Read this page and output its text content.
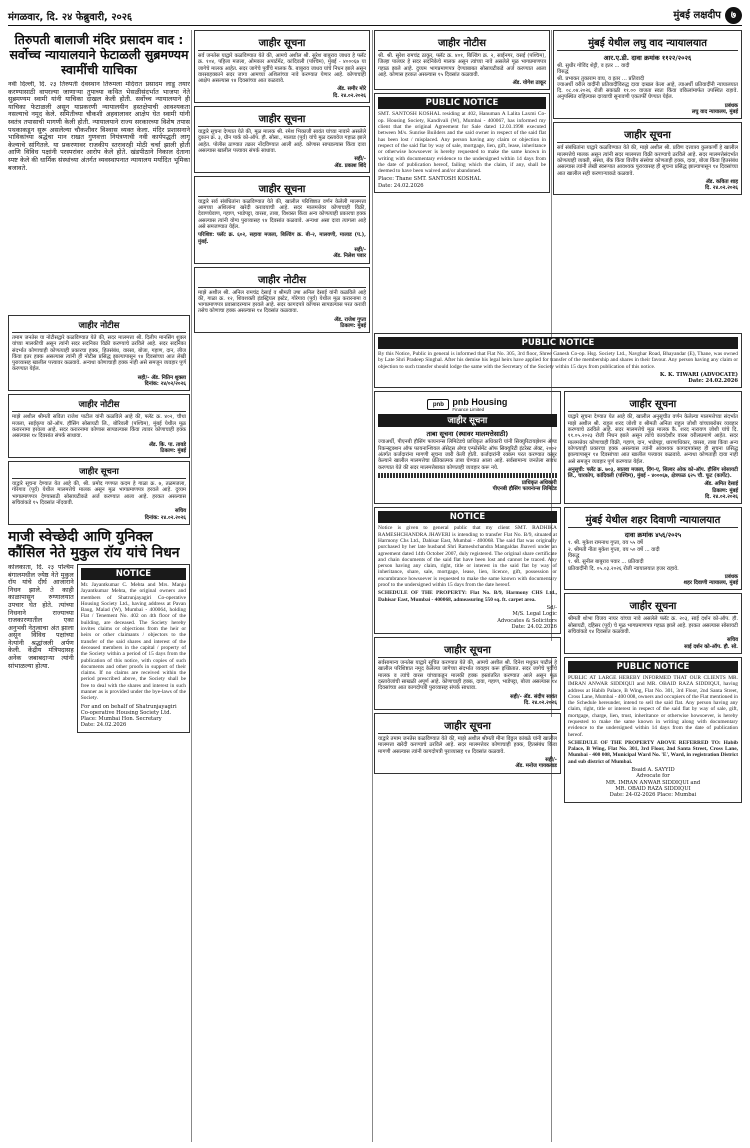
मंगळवार, दि. २४ फेब्रुवारी, २०२६	मुंबई लक्षदीप ७
तिरुपती बालाजी मंदिर प्रसादम वाद : सर्वोच्च न्यायालयाने फेटाळली सुब्रमण्यम स्वामींची याचिका
नवी दिल्ली, दि. २३ तिरुपती देवस्थान तिरुमला मंदिरात प्रसादम लाडू तयार करण्यासाठी वापरल्या जाणाऱ्या तुपाच्या कथित भेसळीसंदर्भात भाजपा नेते सुब्रमण्यम स्वामी यांनी याचिका दाखल केली होती. सर्वोच्च न्यायालयाने ही याचिका फेटाळली असून याप्रकरणी न्यायालयीन हस्तक्षेपाची आवश्यकता नसल्याचे नमूद केले. समितीच्या चौकशी अहवालावर आक्षेप घेत स्वामी यांनी स्वतंत्र तपासाची मागणी केली होती. न्यायालयाने राज्य सरकारच्या विशेष तपास पथकाकडून सुरू असलेल्या चौकशीवर विश्वास व्यक्त केला. मंदिर प्रशासनाने भाविकांच्या श्रद्धेचा मान राखत गुणवत्ता नियंत्रणाची नवी कार्यपद्धती लागू केल्याचे सांगितले. या प्रकरणावर राजकीय स्तरावरही मोठी चर्चा झाली होती आणि विविध पक्षांनी परस्परांवर आरोप केले होते. खंडपीठाने निकाल देताना स्पष्ट केले की धार्मिक संस्थांच्या अंतर्गत व्यवस्थापनात न्यायालय मर्यादित भूमिका बजावते.
जाहीर नोटीस
तमाम जनतेस या नोटीसद्वारे कळविण्यात येते की, सदर मालमत्ता श्री. दिलीप मानसिंग शुक्ल यांच्या मालकीची असून त्यांनी सदर सदनिका विक्री करण्याचे ठरविले आहे. सदर सदनिका संदर्भात कोणाचाही कोणत्याही प्रकारचा हक्क, हितसंबंध, वारसा, बोजा, गहाण, दान, लीज किंवा इतर हक्क असल्यास त्यांनी ही नोटीस प्रसिद्ध झाल्यापासून १४ दिवसांच्या आत लेखी पुराव्यासह खालील पत्त्यावर कळवावे. अन्यथा कोणाचाही हक्क नाही असे समजून व्यवहार पूर्ण करण्यात येईल.
सही/- ॲड. नितिन शुक्ला
दिनांक: २४/०२/२०२६
जाहीर नोटीस
माझे अशील श्रीमती सविता राजेश पाटील यांनी कळविले आहे की, फ्लॅट क्र. ४०२, चौथा मजला, साईकृपा को-ऑप. हौसिंग सोसायटी लि., बोरिवली (पश्चिम), मुंबई येथील मूळ करारनामा हरवला आहे. सदर करारनामा कोणास सापडल्यास किंवा त्यावर कोणाचाही हक्क असल्यास १४ दिवसांत संपर्क साधावा.
ॲड. कि. पा. तावडे
ठिकाण: मुंबई
जाहीर सूचना
याद्वारे सूचना देण्यात येत आहे की, श्री. प्रमोद गणपत कदम हे गाळा क्र. ७, तळमजला, गोरेगाव (पूर्व) येथील मालमत्तेचे मालक असून मूळ भागप्रमाणपत्र हरवले आहे. दुय्यम भागप्रमाणपत्र देण्यासाठी सोसायटीकडे अर्ज करण्यात आला आहे. हरकत असल्यास सचिवांकडे १५ दिवसांत नोंदवावी.
सचिव
दिनांक: २४.०२.२०२६
माजी स्वेच्छेदी आणि युनिक्ल कौंसिल नेते मुकुल रॉय यांचे निधन
कोलकाता, दि. २३ पश्चिम बंगालमधील ज्येष्ठ नेते मुकुल रॉय यांचे दीर्घ आजाराने निधन झाले. ते काही काळापासून रुग्णालयात उपचार घेत होते. त्यांच्या निधनाने राज्याच्या राजकारणातील एका अनुभवी नेतृत्वाचा अंत झाला असून विविध पक्षांच्या नेत्यांनी श्रद्धांजली अर्पण केली. केंद्रीय मंत्रिपदासह अनेक जबाबदाऱ्या त्यांनी सांभाळल्या होत्या.
NOTICE
Mr. Jayantkumar C. Mehta and Mrs. Manju Jayantkumar Mehta, the original owners and members of Shatrunjayagiri Co-operative Housing Society Ltd., having address at Pavan Baug, Malad (W), Mumbai - 400064, holding Flat / Tenement No. 402 on 4th floor of the building, are deceased. The Society hereby invites claims or objections from the heir or heirs or other claimants / objectors to the transfer of the said shares and interest of the deceased members in the capital / property of the Society within a period of 15 days from the publication of this notice, with copies of such documents and other proofs in support of their claims. If no claims are received within the period prescribed above, the Society shall be free to deal with the shares and interest in such manner as is provided under the bye-laws of the Society.
For and on behalf of Shatrunjayagiri Co-operative Housing Society Ltd.
Place: Mumbai Hon. Secretary
Date: 24.02.2026
जाहीर सूचना
सर्व जनतेस याद्वारे कळविण्यात येते की, आमचे अशील श्री. सुरेश बाबुराव जाधव हे फ्लॅट क्र. १०४, पहिला मजला, ओमकार अपार्टमेंट, कांदिवली (पश्चिम), मुंबई - ४०००६७ या जागेचे मालक आहेत. सदर जागेचे पूर्वीचे मालक कै. बाबुराव जाधव यांचे निधन झाले असून वारसाहक्काने सदर जागा आमच्या अशिलांच्या नावे करण्यात येणार आहे. कोणाचाही आक्षेप असल्यास १४ दिवसांच्या आत कळवावे.
ॲड. समीर मोरे
दि. २४.०२.२०२६
जाहीर सूचना
याद्वारे सूचना देण्यात येते की, मूळ मालक श्री. रमेश भिकाजी सावंत यांच्या नावाने असलेले दुकान क्र. ३, ग्रीन पार्क को-ऑप. हौ. सोसा., मालाड (पूर्व) यांचे मूळ दस्तावेज गहाळ झाले आहेत. पोलीस ठाण्यात तक्रार नोंदविण्यात आली आहे. कोणास सापडल्यास किंवा दावा असल्यास खालील पत्त्यावर संपर्क साधावा.
सही/-
ॲड. प्रकाश शिंदे
जाहीर सूचना
याद्वारे सर्व संबंधितांना कळविण्यात येते की, खालील परिशिष्टात वर्णन केलेली मालमत्ता आमच्या अशिलांना खरेदी करावयाची आहे. सदर मालमत्तेवर कोणाचाही विक्री, देवाणघेवाण, गहाण, भाडेपट्टा, वारसा, ताबा, विश्वस्त किंवा अन्य कोणत्याही प्रकारचा हक्क असल्यास त्यांनी योग्य पुराव्यासह १४ दिवसांत कळवावे. अन्यथा असा दावा त्यागला आहे असे समजण्यात येईल.
परिशिष्ट: फ्लॅट क्र. ६०२, सहावा मजला, बिल्डिंग क्र. बी-२, मालवणी, मालाड (प.), मुंबई.
सही/-
ॲड. निलेश पवार
जाहीर नोटीस
माझे अशील श्री. अनिल रामचंद्र देसाई व श्रीमती उषा अनिल देसाई यांनी कळविले आहे की, गाळा क्र. १२, शिवशक्ती इंडस्ट्रियल इस्टेट, गोरेगाव (पूर्व) येथील मूळ करारनामा व भागप्रमाणपत्र प्रवासादरम्यान हरवले आहे. सदर कागदपत्रे कोणास सापडल्यास परत करावी तसेच कोणाचा हक्क असल्यास १४ दिवसांत कळवावा.
ॲड. राजेश गुप्ता
ठिकाण: मुंबई
जाहीर नोटीस
श्री. श्री. सुरेश रामचंद्र ठाकूर, फ्लॅट क्र. ४०१, बिल्डिंग क्र. २, साईनगर, वसई (पश्चिम), जिल्हा पालघर हे सदर सदनिकेचे मालक असून त्यांच्या नावे असलेले मूळ भागप्रमाणपत्र गहाळ झाले आहे. दुय्यम भागप्रमाणपत्र देण्याबाबत सोसायटीकडे अर्ज करण्यात आला आहे. कोणास हरकत असल्यास १५ दिवसांत कळवावी.
ॲड. योगेश ठाकूर
PUBLIC NOTICE
SMT. SANTOSH KOSHAL residing at 402, Hanuman A Lalita Laxmi Co-op. Housing Society, Kandivali (W), Mumbai - 400067, has informed my client that the original Agreement for Sale dated 12.03.1998 executed between M/s. Sunrise Builders and the said owner in respect of the said flat has been lost / misplaced. Any person having any claim or objection in respect of the said flat by way of sale, mortgage, lien, gift, lease, inheritance or otherwise howsoever is hereby requested to make the same known in writing with documentary evidence to the undersigned within 14 days from the date of publication hereof, failing which the claim, if any, shall be deemed to have been waived and/or abandoned.
Place: Thane SMT. SANTOSH KOSHAL
Date: 24.02.2026
मुंबई येथील लघु वाद न्यायालयात
आर.ए.डी. दावा क्रमांक ११२२/२०२६
श्री. सुधीर गोविंद शेट्टी, व इतर ... वादी
विरुद्ध
श्री. प्रभाकर तुकाराम वाघ, व इतर ... प्रतिवादी
ज्याअर्थी वरील वादींनी प्रतिवादींविरुद्ध दावा दाखल केला आहे, त्याअर्थी प्रतिवादींनी न्यायालयात दि. ०८.०४.२०२६ रोजी सकाळी ११.०० वाजता स्वतः किंवा वकिलांमार्फत उपस्थित राहावे. अनुपस्थित राहिल्यास दाव्याची सुनावणी एकतर्फी घेण्यात येईल.
प्रबंधक
लघु वाद न्यायालय, मुंबई
जाहीर सूचना
सर्व संबंधितांना याद्वारे कळविण्यात येते की, माझे अशील श्री. प्रविण दत्तात्रय कुलकर्णी हे खालील मालमत्तेचे मालक असून त्यांनी सदर मालमत्ता विक्री करण्याचे ठरविले आहे. सदर मालमत्तेसंदर्भात कोणत्याही व्यक्ती, संस्था, बँक किंवा वित्तीय संस्थेचा कोणताही हक्क, दावा, बोजा किंवा हितसंबंध असल्यास त्यांनी लेखी स्वरूपात आवश्यक पुराव्यासह ही सूचना प्रसिद्ध झाल्यापासून १४ दिवसांच्या आत खालील सही करणाऱ्याकडे कळवावे.
ॲड. कविता शाह
दि. २४.०२.२०२६
PUBLIC NOTICE
By this Notice, Public in general is informed that Flat No. 305, 3rd floor, Shree Ganesh Co-op. Hsg. Society Ltd., Navghar Road, Bhayandar (E), Thane, was owned by Late Shri Pradeep Singhal. After his demise his legal heirs have applied for transfer of the membership and shares in their favour. Any person having any claim or objection to such transfer should lodge the same with the Secretary of the Society within 15 days from publication of this notice.
K. K. TIWARI (ADVOCATE)
Date: 24.02.2026
pnb pnb Housing
Finance Limited
जाहीर सूचना
ताबा सूचना (स्थावर मालमत्तेसाठी)
ज्याअर्थी, पीएनबी हौसिंग फायनान्स लिमिटेडचे प्राधिकृत अधिकारी यांनी सिक्युरिटायझेशन ॲण्ड रिकन्स्ट्रक्शन ऑफ फायनान्शियल ॲसेट्स ॲण्ड एन्फोर्समेंट ऑफ सिक्युरिटी इंटरेस्ट ॲक्ट, २००२ अंतर्गत कर्जदारांना मागणी सूचना जारी केली होती. कर्जदारांनी रक्कम परत करण्यात कसूर केल्याने खालील मालमत्तेचा प्रतिकात्मक ताबा घेण्यात आला आहे. सर्वसामान्य जनतेला सावध करण्यात येते की सदर मालमत्तेबाबत कोणताही व्यवहार करू नये.
प्राधिकृत अधिकारी
पीएनबी हौसिंग फायनान्स लिमिटेड
जाहीर सूचना
याद्वारे सूचना देण्यात येत आहे की, खालील अनुसूचीत वर्णन केलेल्या मालमत्तेच्या संदर्भात माझे अशील श्री. राहुल शरद जोशी व श्रीमती अनिता राहुल जोशी यांच्याबरोबर व्यवहार करण्याचे ठरविले आहे. सदर मालमत्तेचे मूळ मालक कै. शरद नारायण जोशी यांचे दि. ११.०५.२०२३ रोजी निधन झाले असून त्यांचे कायदेशीर वारस वरीलप्रमाणे आहेत. सदर मालमत्तेवर कोणाचाही विक्री, गहाण, दान, भाडेपट्टा, धारणाधिकार, वारसा, ताबा किंवा अन्य कोणत्याही प्रकारचा हक्क असल्यास त्यांनी आवश्यक कागदपत्रांसह ही सूचना प्रसिद्ध झाल्यापासून १४ दिवसांच्या आत खालील पत्त्यावर कळवावे. अन्यथा कोणताही दावा नाही असे समजून व्यवहार पूर्ण करण्यात येईल.
अनुसूची: फ्लॅट क्र. ७०३, सातवा मजला, विंग-ए, सिल्वर ओक को-ऑप. हौसिंग सोसायटी लि., चारकोप, कांदिवली (पश्चिम), मुंबई - ४०००६७, क्षेत्रफळ ६२५ चौ. फूट (कार्पेट).
ॲड. अमित देसाई
ठिकाण: मुंबई
दि. २४.०२.२०२६
NOTICE
Notice is given to general public that my client SMT. RADHIKA RAMESHCHANDRA JHAVERI is intending to transfer Flat No. B/9, situated at Harmony Chs Ltd., Dahisar East, Mumbai - 400068. The said flat was originally purchased by her late husband Shri Rameshchandra Mangaldas Jhaveri under an agreement dated 14th October 2007, duly registered. The original share certificate and chain documents of the said flat have been lost and cannot be traced. Any person having any claim, right, title or interest in the said flat by way of inheritance, share, sale, mortgage, lease, lien, licence, gift, possession or encumbrance howsoever is requested to make the same known with documentary proof to the undersigned within 15 days from the date hereof.
SCHEDULE OF THE PROPERTY: Flat No. B/9, Harmony CHS Ltd., Dahisar East, Mumbai - 400068, admeasuring 550 sq. ft. carpet area.
Sd/-
M/S. Legal Logic
Advocates & Solicitors
Date: 24.02.2026
जाहीर सूचना
सर्वसामान्य जनतेस याद्वारे सूचित करण्यात येते की, आमचे अशील श्री. दिनेश मधुकर पाटील हे खालील परिशिष्टात नमूद केलेल्या जागेच्या संदर्भात व्यवहार करू इच्छितात. सदर जागेचे पूर्वीचे मालक व त्यांचे वारस यांच्याकडून मालकी हक्क हस्तांतरित करण्यात आले असून मूळ दस्तावेजांची साखळी अपूर्ण आहे. कोणाचाही हक्क, दावा, गहाण, भाडेपट्टा, बोजा असल्यास १४ दिवसांच्या आत कागदोपत्री पुराव्यासह संपर्क साधावा.
सही/- ॲड. संदीप सावंत
दि. २४.०२.२०२६
जाहीर सूचना
याद्वारे तमाम जनतेस कळविण्यात येते की, माझे अशील श्रीमती मीना विठ्ठल कांबळे यांनी खालील मालमत्ता खरेदी करण्याचे ठरविले आहे. सदर मालमत्तेवर कोणाचाही हक्क, हितसंबंध किंवा मागणी असल्यास त्यांनी कागदोपत्री पुराव्यासह १४ दिवसांत कळवावे.
सही/-
ॲड. मनोज गायकवाड
मुंबई येथील शहर दिवाणी न्यायालयात
दावा क्रमांक ४५६/२०२५
१. श्री. मुकेश रामनाथ गुप्ता, वय ५५ वर्षे
२. श्रीमती नीता मुकेश गुप्ता, वय ५० वर्षे ... वादी
विरुद्ध
१. श्री. सुनील बाबुराव पवार ... प्रतिवादी
प्रतिवादींनी दि. ०५.०३.२०२६ रोजी न्यायालयात हजर राहावे.
प्रबंधक
शहर दिवाणी न्यायालय, मुंबई
जाहीर सूचना
श्रीमती शोभा विजय नायर यांच्या नावे असलेले फ्लॅट क्र. २०३, साई दर्शन को-ऑप. हौ. सोसायटी, दहिसर (पूर्व) चे मूळ भागप्रमाणपत्र गहाळ झाले आहे. हरकत असल्यास सोसायटी सचिवांकडे १४ दिवसांत कळवावी.
सचिव
साई दर्शन को-ऑप. हौ. सो.
PUBLIC NOTICE
PUBLIC AT LARGE HEREBY INFORMED THAT OUR CLIENTS MR. IMRAN ANWAR SIDDIQUI and MR. OBAID RAZA SIDDIQUI, having address at Habib Palace, B Wing, Flat No. 301, 3rd Floor, 2nd Santa Street, Cross Lane, Mumbai - 400 008, owners and occupiers of the Flat mentioned in the Schedule hereunder, intend to sell the said flat. Any person having any claim, right, title or interest in respect of the said flat by way of sale, gift, mortgage, charge, lien, trust, inheritance or otherwise howsoever, is hereby requested to make the same known in writing along with documentary evidence to the undersigned within 14 days from the date of publication hereof.
SCHEDULE OF THE PROPERTY ABOVE REFERRED TO: Habib Palace, B Wing, Flat No. 301, 3rd Floor, 2nd Santa Street, Cross Lane, Mumbai - 400 008, Municipal Ward No. 'E', Ward, in registration District and sub district of Mumbai.
Bsaid A. SAYYID
Advocate for
MR. IMRAN ANWAR SIDDIQUI and
MR. OBAID RAZA SIDDIQUI
Date: 24-02-2026 Place: Mumbai
